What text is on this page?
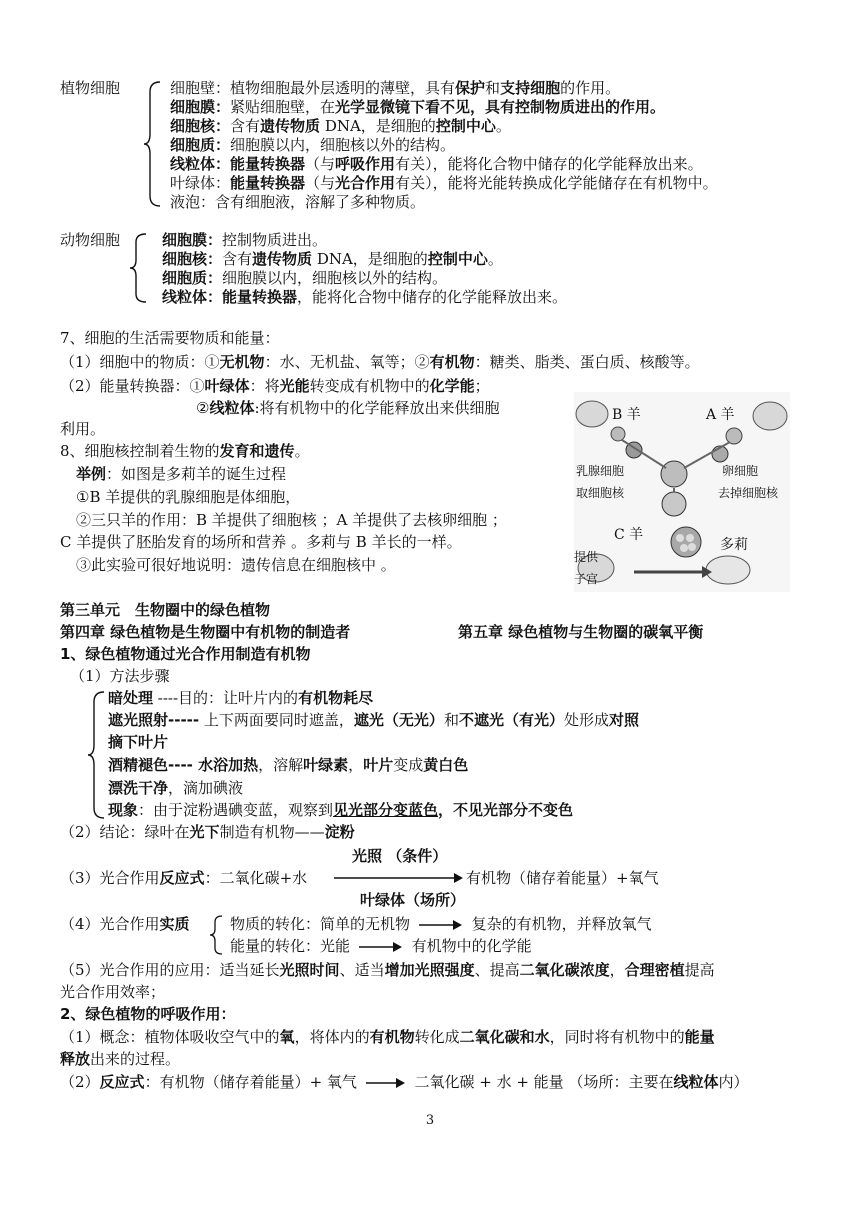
植物细胞	细胞壁：植物细胞最外层透明的薄壁，具有保护和支持细胞的作用。
细胞膜：紧贴细胞壁，在光学显微镜下看不见，具有控制物质进出的作用。
细胞核：含有遗传物质 DNA，是细胞的控制中心。
细胞质：细胞膜以内，细胞核以外的结构。
线粒体：能量转换器（与呼吸作用有关），能将化合物中储存的化学能释放出来。
叶绿体：能量转换器（与光合作用有关），能将光能转换成化学能储存在有机物中。
液泡：含有细胞液，溶解了多种物质。
动物细胞	细胞膜：控制物质进出。
细胞核：含有遗传物质 DNA，是细胞的控制中心。
细胞质：细胞膜以内，细胞核以外的结构。
线粒体：能量转换器，能将化合物中储存的化学能释放出来。
7、细胞的生活需要物质和能量：
（1）细胞中的物质：①无机物：水、无机盐、氧等；②有机物：糖类、脂类、蛋白质、核酸等。
（2）能量转换器：①叶绿体：将光能转变成有机物中的化学能；
②线粒体:将有机物中的化学能释放出来供细胞
利用。
8、细胞核控制着生物的发育和遗传。
举例：如图是多莉羊的诞生过程
①B 羊提供的乳腺细胞是体细胞，
②三只羊的作用：B 羊提供了细胞核 ；A 羊提供了去核卵细胞 ；
C 羊提供了胚胎发育的场所和营养 。多莉与 B 羊长的一样。
③此实验可很好地说明：遗传信息在细胞核中 。
B 羊	A 羊
乳腺细胞
取细胞核
卵细胞
去掉细胞核
C 羊
多莉
提供
子宫
第三单元　生物圈中的绿色植物
第四章 绿色植物是生物圈中有机物的制造者	第五章 绿色植物与生物圈的碳氧平衡
1、绿色植物通过光合作用制造有机物
（1）方法步骤
暗处理 ----目的：让叶片内的有机物耗尽
遮光照射----- 上下两面要同时遮盖，遮光（无光）和不遮光（有光）处形成对照
摘下叶片
酒精褪色---- 水浴加热，溶解叶绿素，叶片变成黄白色
漂洗干净，滴加碘液
现象：由于淀粉遇碘变蓝，观察到见光部分变蓝色，不见光部分不变色
（2）结论：绿叶在光下制造有机物——淀粉
光照 （条件）
（3）光合作用反应式：二氧化碳+水	有机物（储存着能量）+氧气
叶绿体（场所）
（4）光合作用实质	物质的转化：简单的无机物	复杂的有机物，并释放氧气
能量的转化：光能	有机物中的化学能
（5）光合作用的应用：适当延长光照时间、适当增加光照强度、提高二氧化碳浓度，合理密植提高
光合作用效率；
2、绿色植物的呼吸作用：
（1）概念：植物体吸收空气中的氧，将体内的有机物转化成二氧化碳和水，同时将有机物中的能量
释放出来的过程。
（2）反应式：有机物（储存着能量）+ 氧气	二氧化碳 + 水 + 能量 （场所：主要在线粒体内）
3
